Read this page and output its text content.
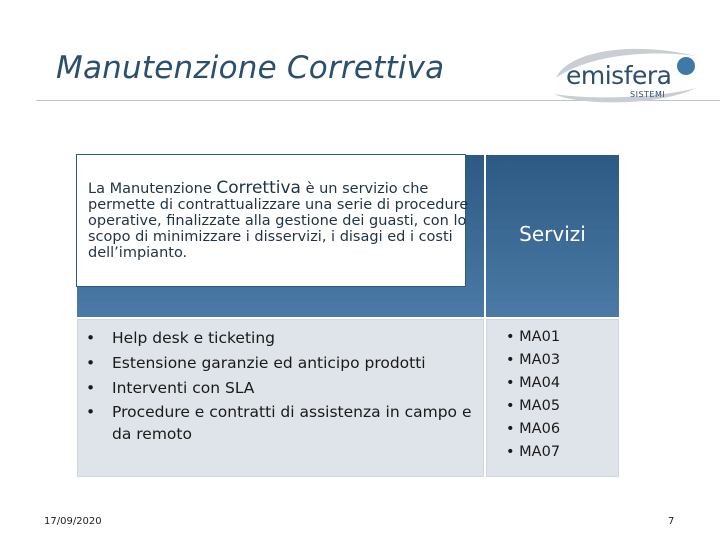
Manutenzione Correttiva	emisfera
SISTEMI
La Manutenzione Correttiva è un servizio che permette di contrattualizzare una serie di procedure operative, finalizzate alla gestione dei guasti, con lo scopo di minimizzare i disservizi, i disagi ed i costi dell’impianto.
Servizi
• Help desk e ticketing
• Estensione garanzie ed anticipo prodotti
• Interventi con SLA
• Procedure e contratti di assistenza in campo e da remoto
• MA01
• MA03
• MA04
• MA05
• MA06
• MA07
17/09/2020	7
